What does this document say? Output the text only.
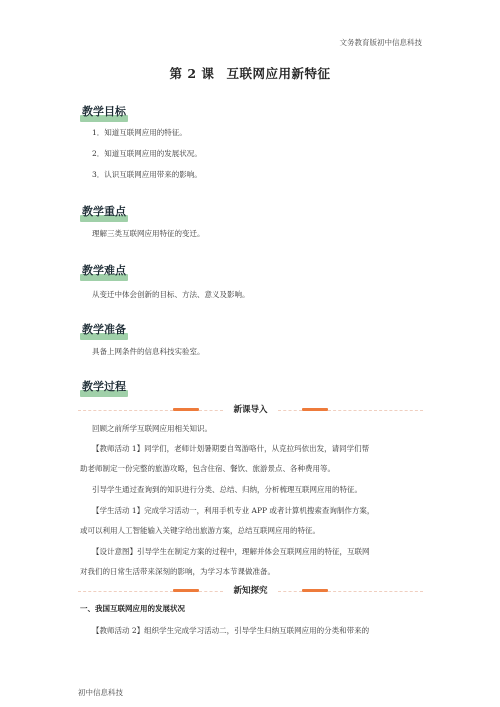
文务教育版初中信息科技
第 2 课 互联网应用新特征
教学目标
1．知道互联网应用的特征。
2．知道互联网应用的发展状况。
3．认识互联网应用带来的影响。
教学重点
理解三类互联网应用特征的变迁。
教学难点
从变迁中体会创新的目标、方法、意义及影响。
教学准备
具备上网条件的信息科技实验室。
教学过程
新课导入
回顾之前所学互联网应用相关知识。
【教师活动 1】同学们，老师计划暑期要自驾游咯什，从克拉玛依出发，请同学们帮
助老师制定一份完整的旅游攻略，包含住宿、餐饮、旅游景点、各种费用等。
引导学生通过查询到的知识进行分类、总结、归纳，分析梳理互联网应用的特征。
【学生活动 1】完成学习活动一，利用手机专业 APP 或者计算机搜索查询制作方案，
或可以利用人工智能输入关键字给出旅游方案，总结互联网应用的特征。
【设计意图】引导学生在制定方案的过程中，理解并体会互联网应用的特征，互联网
对我们的日常生活带来深刻的影响，为学习本节课做准备。
新知探究
一、我国互联网应用的发展状况
【教师活动 2】组织学生完成学习活动二，引导学生归纳互联网应用的分类和带来的
初中信息科技
